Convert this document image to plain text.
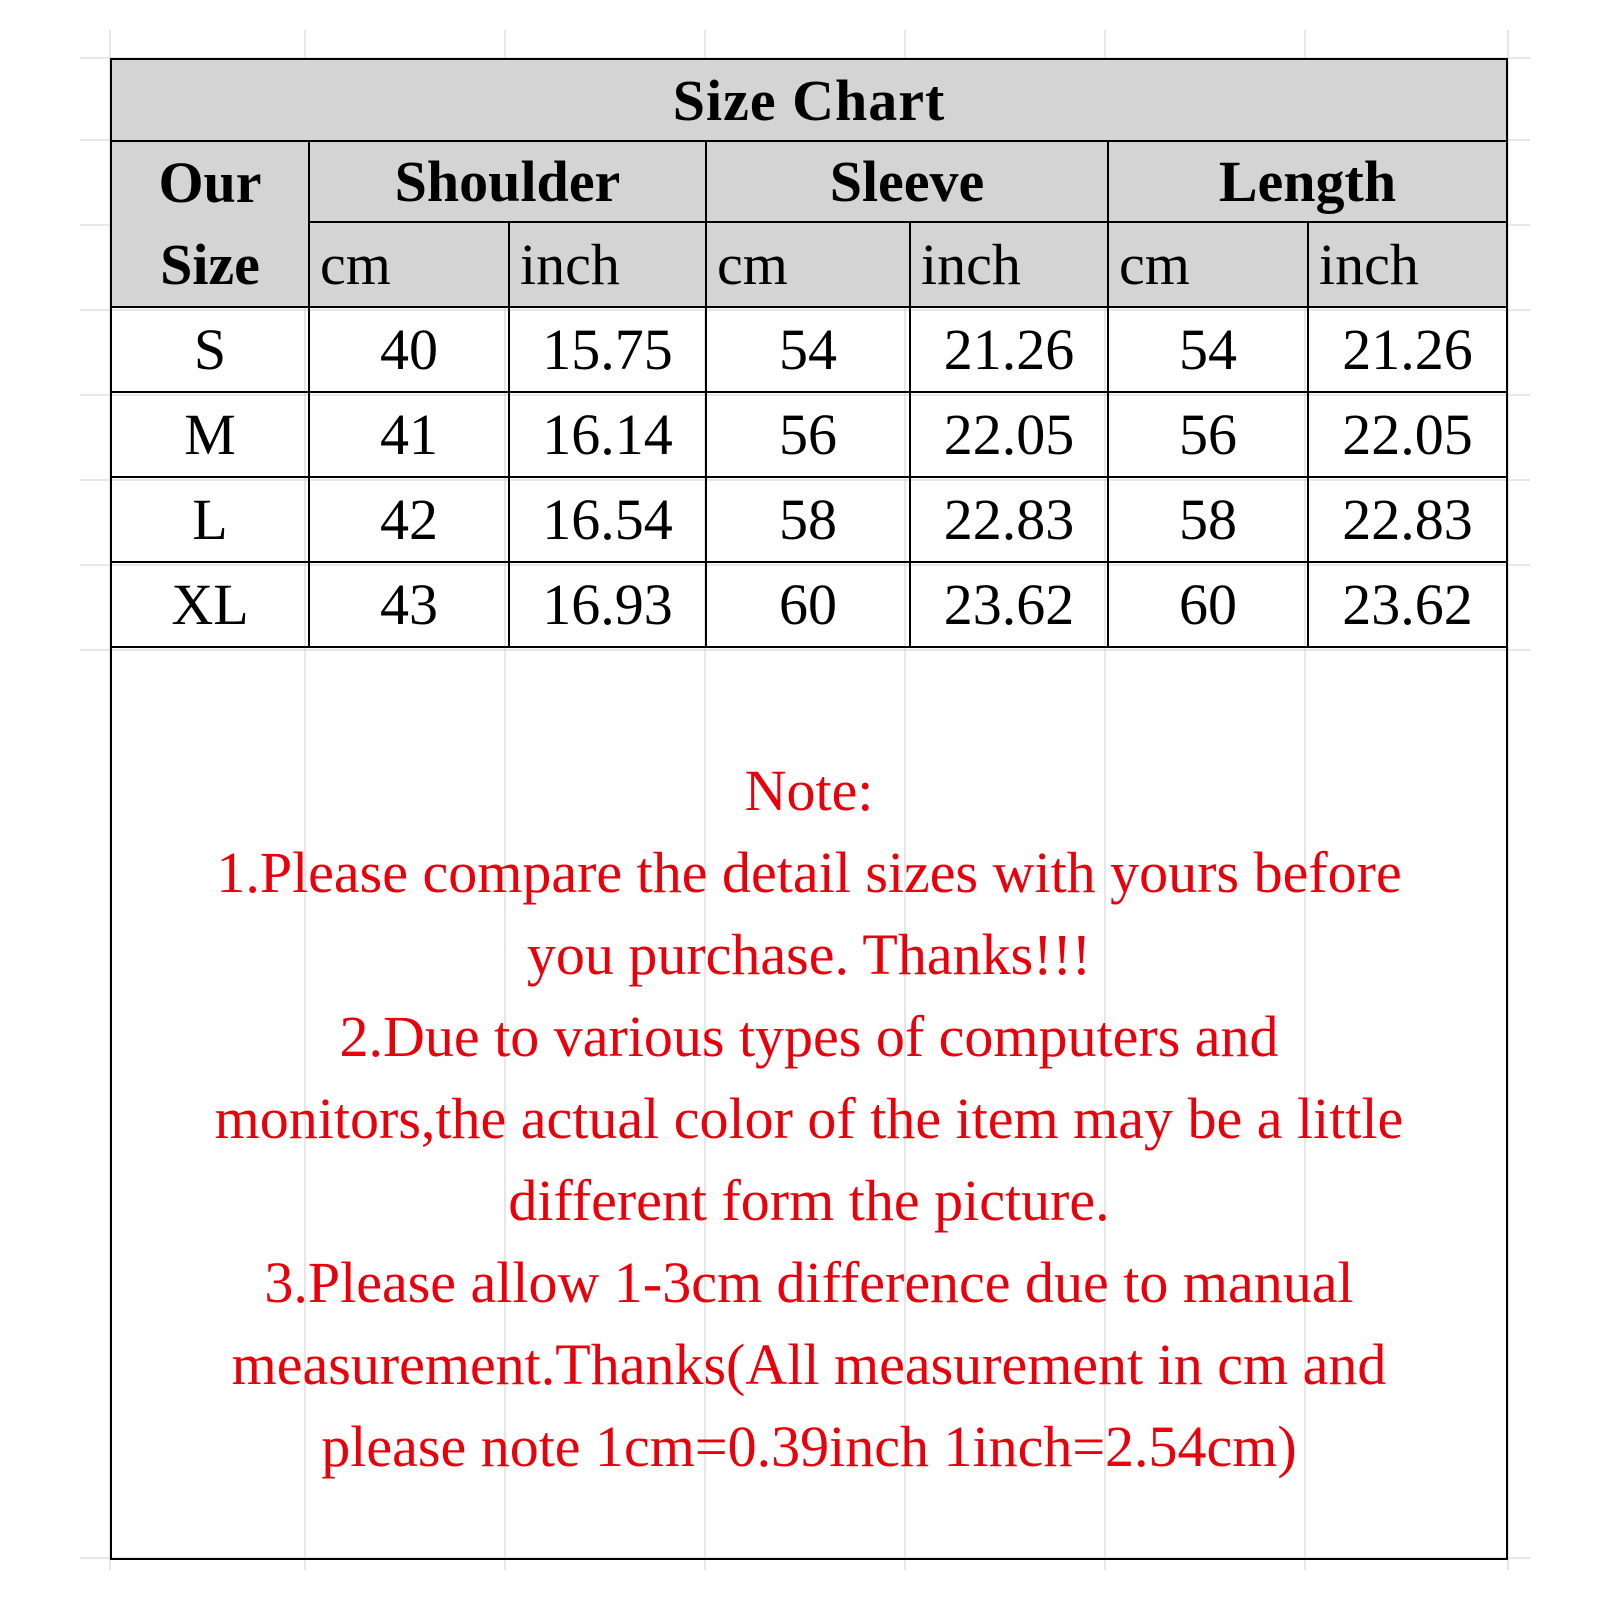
Size Chart						
Our
Size	Shoulder		Sleeve		Length	
	cm	inch	cm	inch	cm	inch
S	40	15.75	54	21.26	54	21.26
M	41	16.14	56	22.05	56	22.05
L	42	16.54	58	22.83	58	22.83
XL	43	16.93	60	23.62	60	23.62
Note:
1.Please compare the detail sizes with yours before
you purchase. Thanks!!!
2.Due to various types of computers and
monitors,the actual color of the item may be a little
different form the picture.
3.Please allow 1-3cm difference due to manual
measurement.Thanks(All measurement in cm and
please note 1cm=0.39inch 1inch=2.54cm)
